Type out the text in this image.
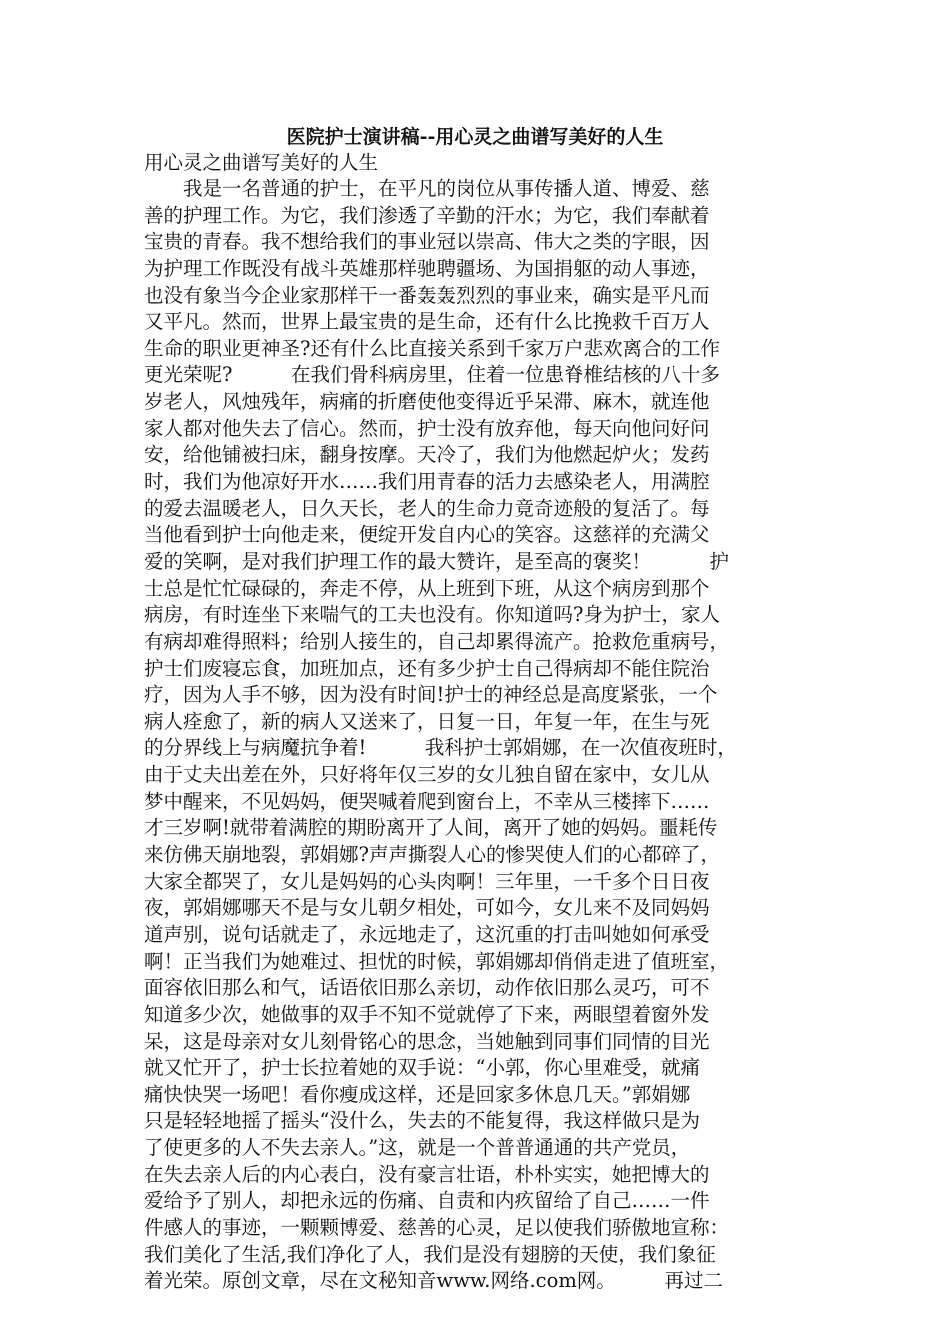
医院护士演讲稿--用心灵之曲谱写美好的人生
用心灵之曲谱写美好的人生
　　我是一名普通的护士，在平凡的岗位从事传播人道、博爱、慈
善的护理工作。为它，我们渗透了辛勤的汗水；为它，我们奉献着
宝贵的青春。我不想给我们的事业冠以崇高、伟大之类的字眼，因
为护理工作既没有战斗英雄那样驰聘疆场、为国捐躯的动人事迹，
也没有象当今企业家那样干一番轰轰烈烈的事业来，确实是平凡而
又平凡。然而，世界上最宝贵的是生命，还有什么比挽救千百万人
生命的职业更神圣?还有什么比直接关系到千家万户悲欢离合的工作
更光荣呢?　　　在我们骨科病房里，住着一位患脊椎结核的八十多
岁老人，风烛残年，病痛的折磨使他变得近乎呆滞、麻木，就连他
家人都对他失去了信心。然而，护士没有放弃他，每天向他问好问
安，给他铺被扫床，翻身按摩。天冷了，我们为他燃起炉火；发药
时，我们为他凉好开水……我们用青春的活力去感染老人，用满腔
的爱去温暖老人，日久天长，老人的生命力竟奇迹般的复活了。每
当他看到护士向他走来，便绽开发自内心的笑容。这慈祥的充满父
爱的笑啊，是对我们护理工作的最大赞许，是至高的褒奖！　　　护
士总是忙忙碌碌的，奔走不停，从上班到下班，从这个病房到那个
病房，有时连坐下来喘气的工夫也没有。你知道吗?身为护士，家人
有病却难得照料；给别人接生的，自己却累得流产。抢救危重病号，
护士们废寝忘食，加班加点，还有多少护士自己得病却不能住院治
疗，因为人手不够，因为没有时间!护士的神经总是高度紧张，一个
病人痊愈了，新的病人又送来了，日复一日，年复一年，在生与死
的分界线上与病魔抗争着!　　　我科护士郭娟娜，在一次值夜班时，
由于丈夫出差在外，只好将年仅三岁的女儿独自留在家中，女儿从
梦中醒来，不见妈妈，便哭喊着爬到窗台上，不幸从三楼摔下……
才三岁啊!就带着满腔的期盼离开了人间，离开了她的妈妈。噩耗传
来仿佛天崩地裂，郭娟娜?声声撕裂人心的惨哭使人们的心都碎了，
大家全都哭了，女儿是妈妈的心头肉啊！三年里，一千多个日日夜
夜，郭娟娜哪天不是与女儿朝夕相处，可如今，女儿来不及同妈妈
道声别，说句话就走了，永远地走了，这沉重的打击叫她如何承受
啊！正当我们为她难过、担忧的时候，郭娟娜却俏俏走进了值班室，
面容依旧那么和气，话语依旧那么亲切，动作依旧那么灵巧，可不
知道多少次，她做事的双手不知不觉就停了下来，两眼望着窗外发
呆，这是母亲对女儿刻骨铭心的思念，当她触到同事们同情的目光
就又忙开了，护士长拉着她的双手说：“小郭，你心里难受，就痛
痛快快哭一场吧！看你瘦成这样，还是回家多休息几天。”郭娟娜
只是轻轻地摇了摇头“没什么，失去的不能复得，我这样做只是为
了使更多的人不失去亲人。”这，就是一个普普通通的共产党员，
在失去亲人后的内心表白，没有豪言壮语，朴朴实实，她把博大的
爱给予了别人，却把永远的伤痛、自责和内疚留给了自己……一件
件感人的事迹，一颗颗博爱、慈善的心灵，足以使我们骄傲地宣称：
我们美化了生活,我们净化了人，我们是没有翅膀的天使，我们象征
着光荣。原创文章，尽在文秘知音www.网络.com网。　　　再过二
